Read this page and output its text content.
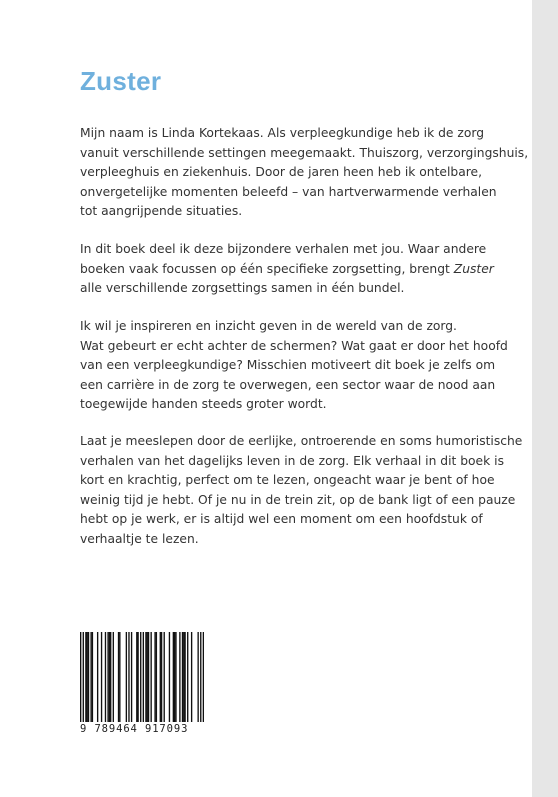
Zuster

Mijn naam is Linda Kortekaas. Als verpleegkundige heb ik de zorg
vanuit verschillende settingen meegemaakt. Thuiszorg, verzorgingshuis,
verpleeghuis en ziekenhuis. Door de jaren heen heb ik ontelbare,
onvergetelijke momenten beleefd – van hartverwarmende verhalen
tot aangrijpende situaties.

In dit boek deel ik deze bijzondere verhalen met jou. Waar andere
boeken vaak focussen op één specifieke zorgsetting, brengt Zuster
alle verschillende zorgsettings samen in één bundel.

Ik wil je inspireren en inzicht geven in de wereld van de zorg.
Wat gebeurt er echt achter de schermen? Wat gaat er door het hoofd
van een verpleegkundige? Misschien motiveert dit boek je zelfs om
een carrière in de zorg te overwegen, een sector waar de nood aan
toegewijde handen steeds groter wordt.

Laat je meeslepen door de eerlijke, ontroerende en soms humoristische
verhalen van het dagelijks leven in de zorg. Elk verhaal in dit boek is
kort en krachtig, perfect om te lezen, ongeacht waar je bent of hoe
weinig tijd je hebt. Of je nu in de trein zit, op de bank ligt of een pauze
hebt op je werk, er is altijd wel een moment om een hoofdstuk of
verhaaltje te lezen.

9 789464 917093
